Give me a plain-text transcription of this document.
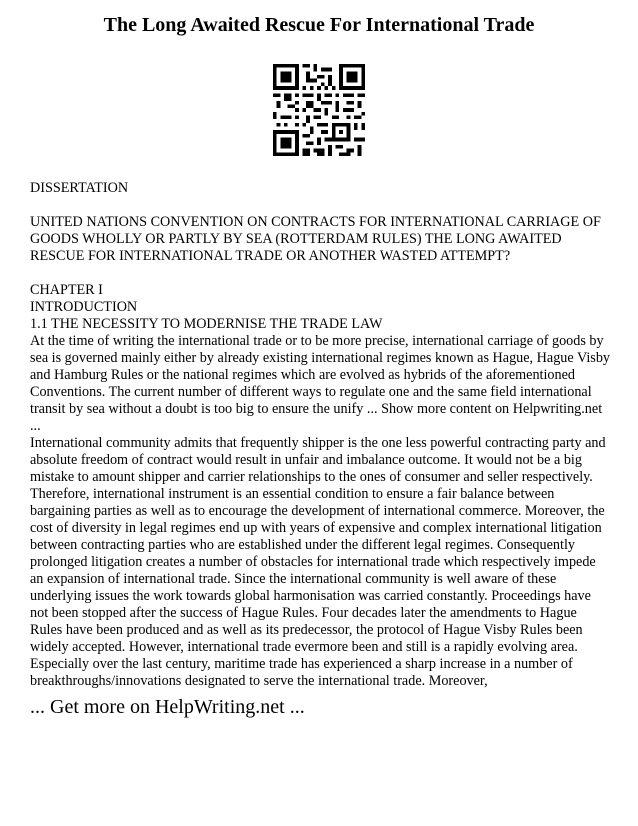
The Long Awaited Rescue For International Trade

DISSERTATION

UNITED NATIONS CONVENTION ON CONTRACTS FOR INTERNATIONAL CARRIAGE OF GOODS WHOLLY OR PARTLY BY SEA (ROTTERDAM RULES) THE LONG AWAITED RESCUE FOR INTERNATIONAL TRADE OR ANOTHER WASTED ATTEMPT?

CHAPTER I

INTRODUCTION

1.1 THE NECESSITY TO MODERNISE THE TRADE LAW

At the time of writing the international trade or to be more precise, international carriage of goods by sea is governed mainly either by already existing international regimes known as Hague, Hague Visby and Hamburg Rules or the national regimes which are evolved as hybrids of the aforementioned Conventions. The current number of different ways to regulate one and the same field international transit by sea without a doubt is too big to ensure the unify ... Show more content on Helpwriting.net

...

International community admits that frequently shipper is the one less powerful contracting party and absolute freedom of contract would result in unfair and imbalance outcome. It would not be a big mistake to amount shipper and carrier relationships to the ones of consumer and seller respectively. Therefore, international instrument is an essential condition to ensure a fair balance between bargaining parties as well as to encourage the development of international commerce. Moreover, the cost of diversity in legal regimes end up with years of expensive and complex international litigation between contracting parties who are established under the different legal regimes. Consequently prolonged litigation creates a number of obstacles for international trade which respectively impede an expansion of international trade. Since the international community is well aware of these underlying issues the work towards global harmonisation was carried constantly. Proceedings have not been stopped after the success of Hague Rules. Four decades later the amendments to Hague Rules have been produced and as well as its predecessor, the protocol of Hague Visby Rules been widely accepted. However, international trade evermore been and still is a rapidly evolving area. Especially over the last century, maritime trade has experienced a sharp increase in a number of breakthroughs/innovations designated to serve the international trade. Moreover,

... Get more on HelpWriting.net ...
